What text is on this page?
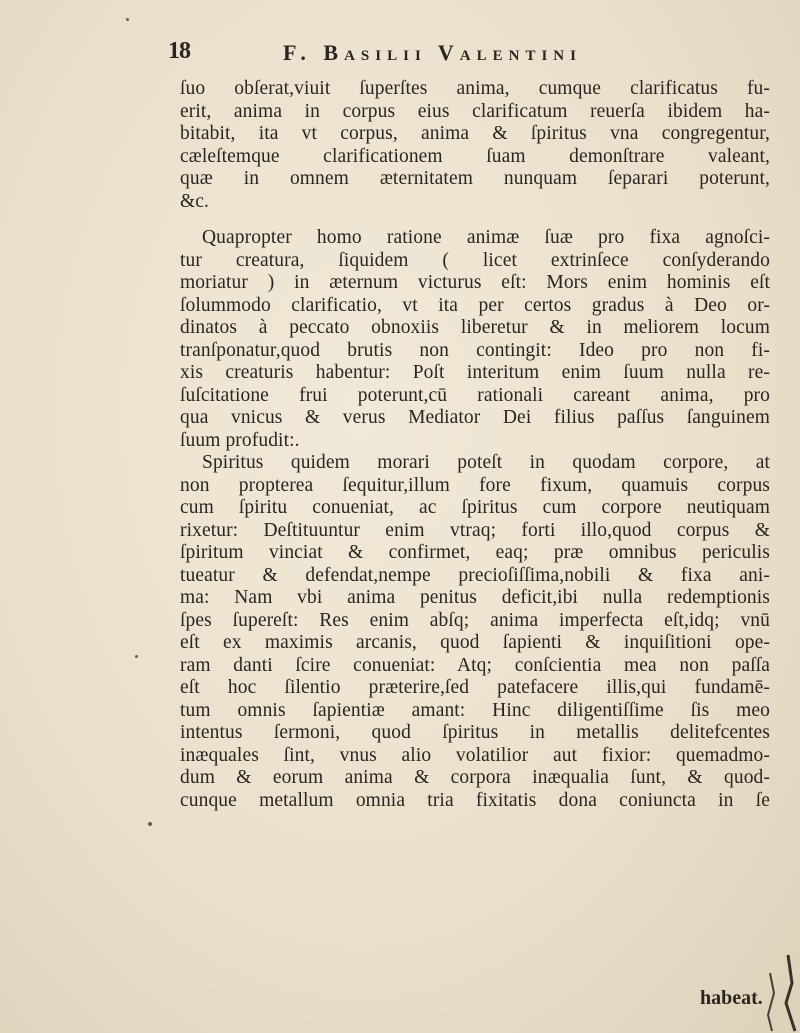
18	F. Basilii Valentini
ſuo obſerat,viuit ſuperſtes anima, cumque clarificatus fu-
erit, anima in corpus eius clarificatum reuerſa ibidem ha-
bitabit, ita vt corpus, anima & ſpiritus vna congregentur,
cæleſtemque clarificationem ſuam demonſtrare valeant,
quæ in omnem æternitatem nunquam ſeparari poterunt,
&c.
Quapropter homo ratione animæ ſuæ pro fixa agnoſci-
tur creatura, ſiquidem ( licet extrinſece conſyderando
moriatur ) in æternum victurus eſt: Mors enim hominis eſt
ſolummodo clarificatio, vt ita per certos gradus à Deo or-
dinatos à peccato obnoxiis liberetur & in meliorem locum
tranſponatur,quod brutis non contingit: Ideo pro non fi-
xis creaturis habentur: Poſt interitum enim ſuum nulla re-
ſuſcitatione frui poterunt,cū rationali careant anima, pro
qua vnicus & verus Mediator Dei filius paſſus ſanguinem
ſuum profudit:.
Spiritus quidem morari poteſt in quodam corpore, at
non propterea ſequitur,illum fore fixum, quamuis corpus
cum ſpiritu conueniat, ac ſpiritus cum corpore neutiquam
rixetur: Deſtituuntur enim vtraq; forti illo,quod corpus &
ſpiritum vinciat & confirmet, eaq; præ omnibus periculis
tueatur & defendat,nempe precioſiſſima,nobili & fixa ani-
ma: Nam vbi anima penitus deficit,ibi nulla redemptionis
ſpes ſupereſt: Res enim abſq; anima imperfecta eſt,idq; vnū
eſt ex maximis arcanis, quod ſapienti & inquiſitioni ope-
ram danti ſcire conueniat: Atq; conſcientia mea non paſſa
eſt hoc ſilentio præterire,ſed patefacere illis,qui fundamē-
tum omnis ſapientiæ amant: Hinc diligentiſſime ſis meo
intentus ſermoni, quod ſpiritus in metallis delitefcentes
inæquales ſint, vnus alio volatilior aut fixior: quemadmo-
dum & eorum anima & corpora inæqualia ſunt, & quod-
cunque metallum omnia tria fixitatis dona coniuncta in ſe
habeat.
